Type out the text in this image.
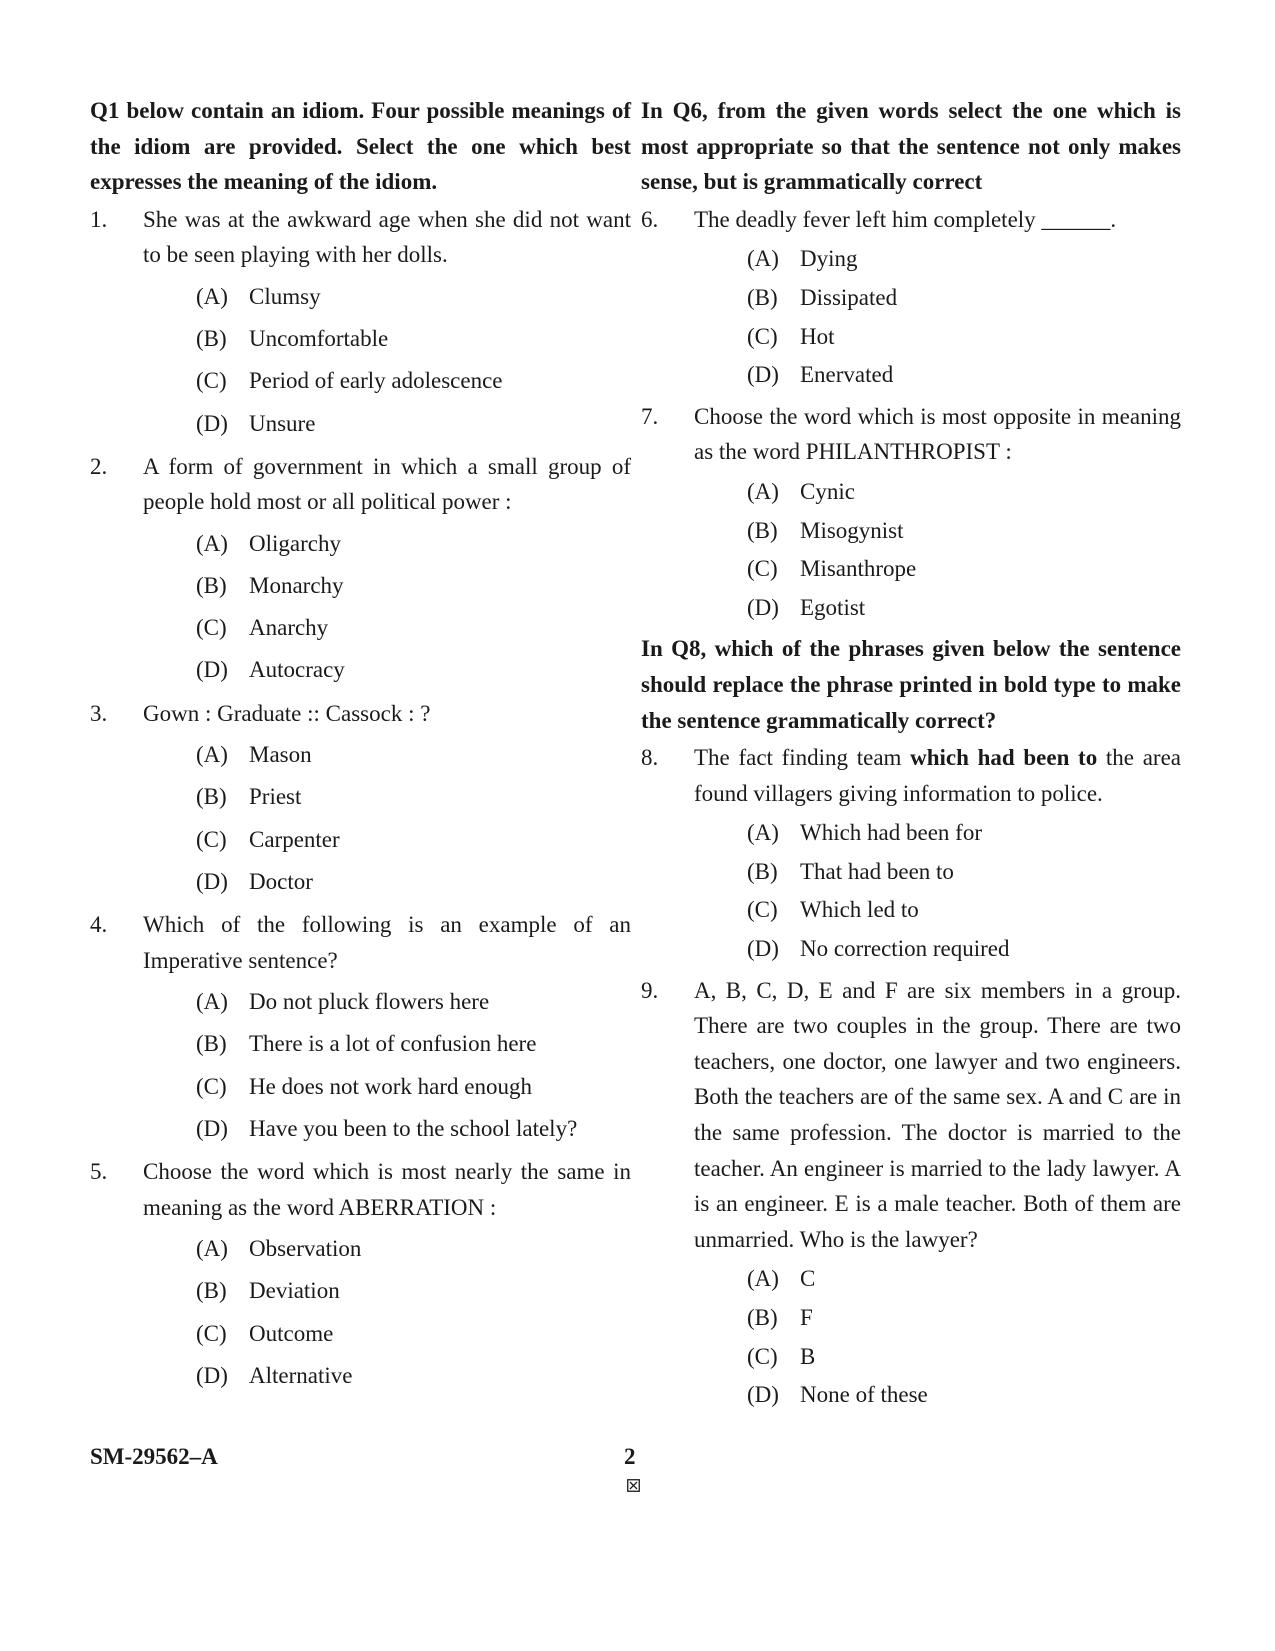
Q1 below contain an idiom. Four possible meanings of the idiom are provided. Select the one which best expresses the meaning of the idiom.

1. She was at the awkward age when she did not want to be seen playing with her dolls.
(A) Clumsy
(B) Uncomfortable
(C) Period of early adolescence
(D) Unsure
2. A form of government in which a small group of people hold most or all political power :
(A) Oligarchy
(B) Monarchy
(C) Anarchy
(D) Autocracy
3. Gown : Graduate :: Cassock : ?
(A) Mason
(B) Priest
(C) Carpenter
(D) Doctor
4. Which of the following is an example of an Imperative sentence?
(A) Do not pluck flowers here
(B) There is a lot of confusion here
(C) He does not work hard enough
(D) Have you been to the school lately?
5. Choose the word which is most nearly the same in meaning as the word ABERRATION :
(A) Observation
(B) Deviation
(C) Outcome
(D) Alternative

In Q6, from the given words select the one which is most appropriate so that the sentence not only makes sense, but is grammatically correct

6. The deadly fever left him completely ______.
(A) Dying
(B) Dissipated
(C) Hot
(D) Enervated
7. Choose the word which is most opposite in meaning as the word PHILANTHROPIST :
(A) Cynic
(B) Misogynist
(C) Misanthrope
(D) Egotist

In Q8, which of the phrases given below the sentence should replace the phrase printed in bold type to make the sentence grammatically correct?

8. The fact finding team which had been to the area found villagers giving information to police.
(A) Which had been for
(B) That had been to
(C) Which led to
(D) No correction required
9. A, B, C, D, E and F are six members in a group. There are two couples in the group. There are two teachers, one doctor, one lawyer and two engineers. Both the teachers are of the same sex. A and C are in the same profession. The doctor is married to the teacher. An engineer is married to the lady lawyer. A is an engineer. E is a male teacher. Both of them are unmarried. Who is the lawyer?
(A) C
(B) F
(C) B
(D) None of these
SM-29562–A	2
